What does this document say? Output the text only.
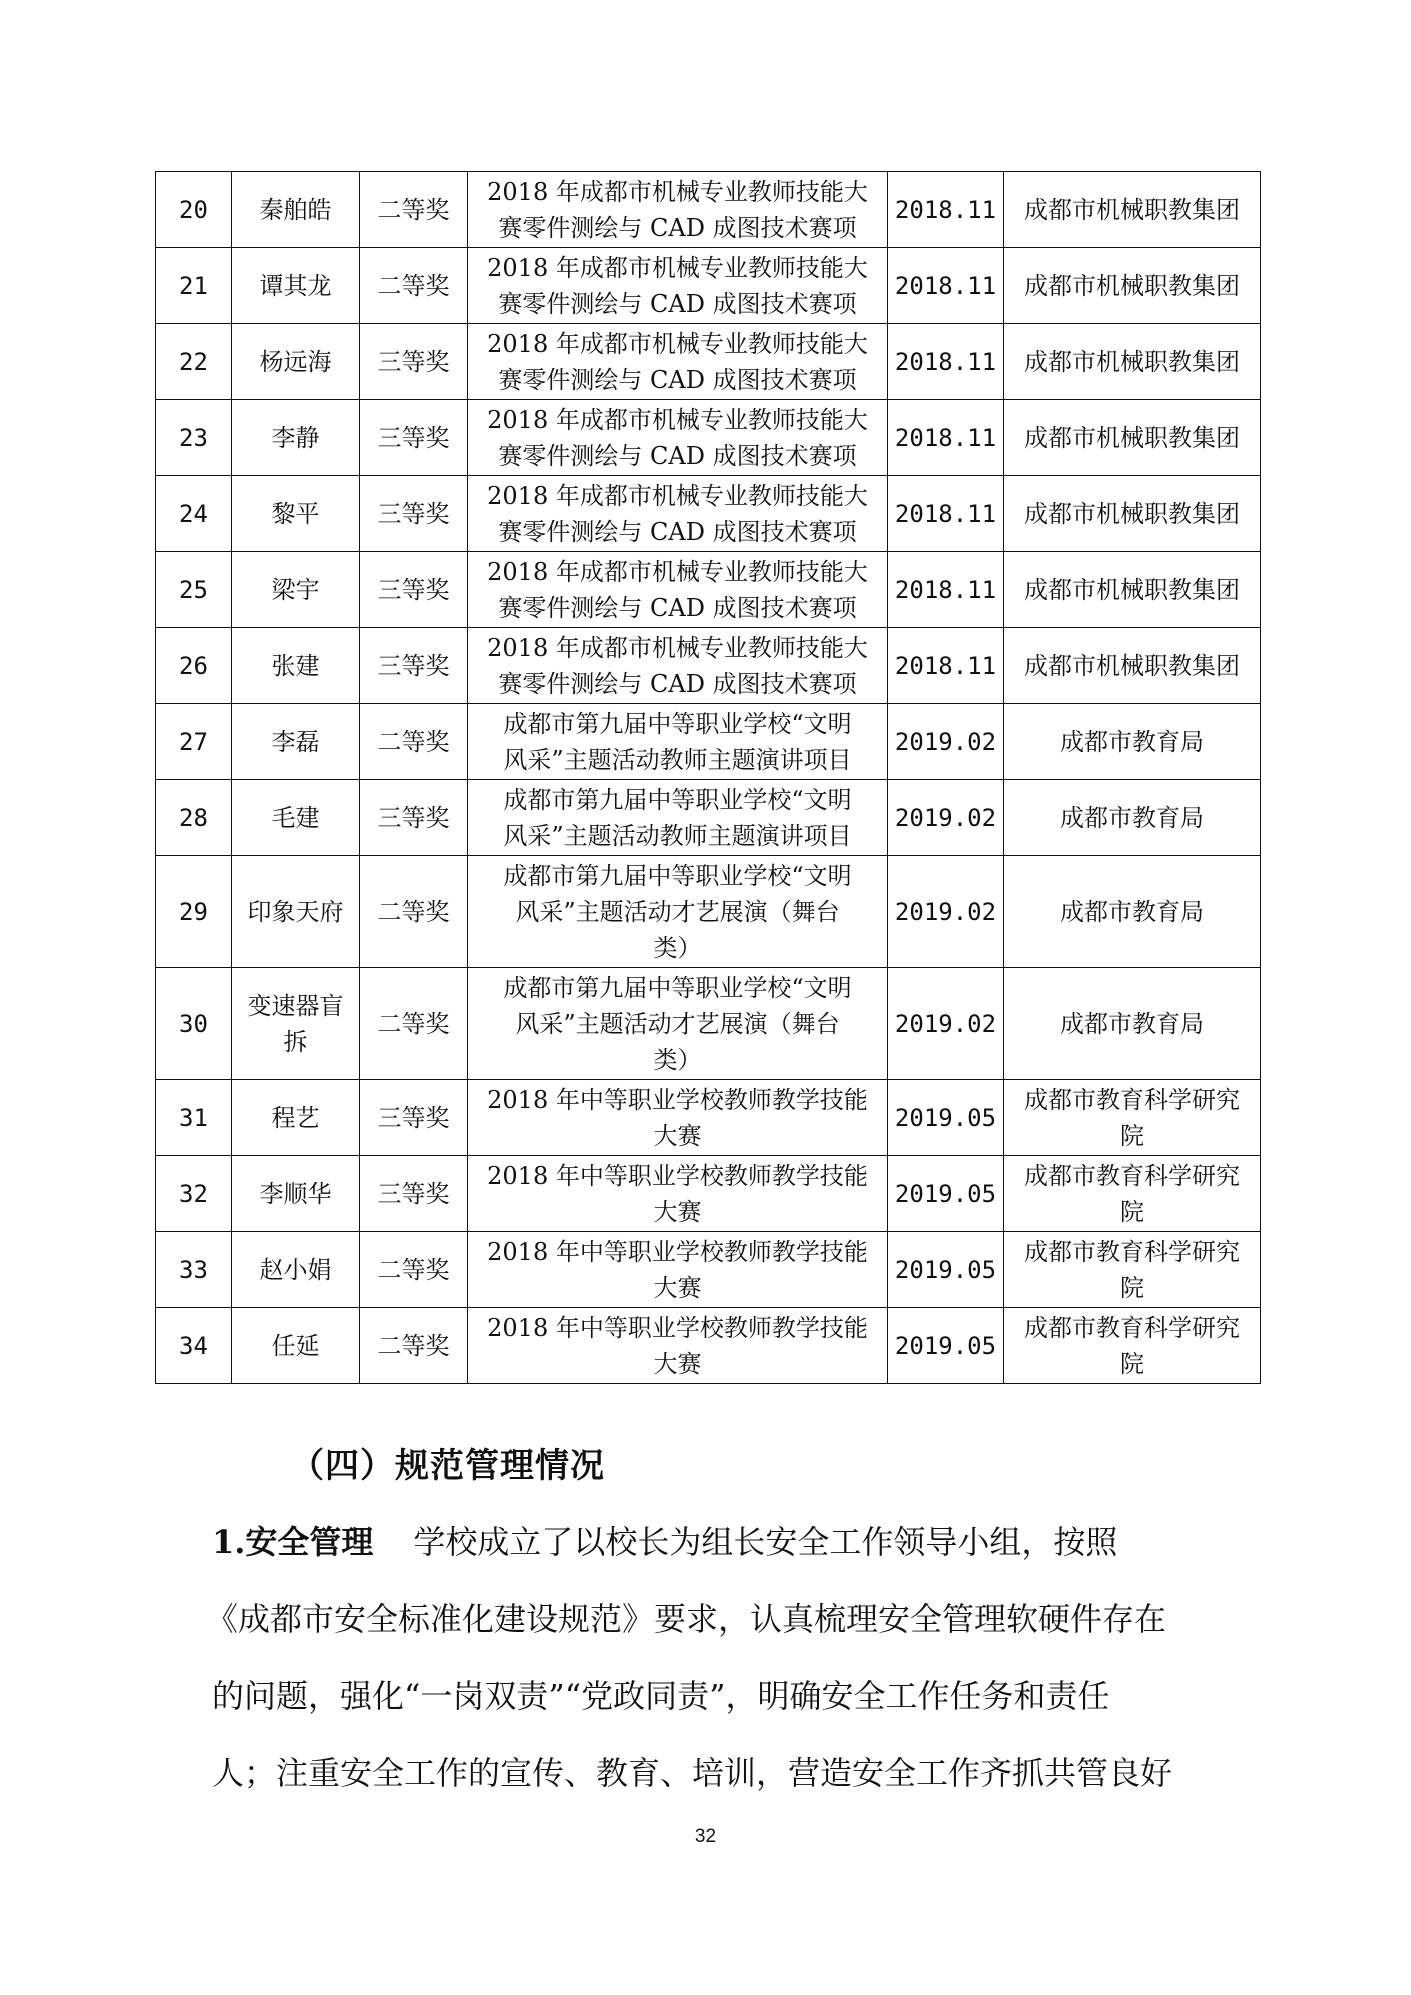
20	秦舶皓	二等奖	2018 年成都市机械专业教师技能大
赛零件测绘与 CAD 成图技术赛项	2018.11	成都市机械职教集团

21	谭其龙	二等奖	2018 年成都市机械专业教师技能大
赛零件测绘与 CAD 成图技术赛项	2018.11	成都市机械职教集团

22	杨远海	三等奖	2018 年成都市机械专业教师技能大
赛零件测绘与 CAD 成图技术赛项	2018.11	成都市机械职教集团

23	李静	三等奖	2018 年成都市机械专业教师技能大
赛零件测绘与 CAD 成图技术赛项	2018.11	成都市机械职教集团

24	黎平	三等奖	2018 年成都市机械专业教师技能大
赛零件测绘与 CAD 成图技术赛项	2018.11	成都市机械职教集团

25	梁宇	三等奖	2018 年成都市机械专业教师技能大
赛零件测绘与 CAD 成图技术赛项	2018.11	成都市机械职教集团

26	张建	三等奖	2018 年成都市机械专业教师技能大
赛零件测绘与 CAD 成图技术赛项	2018.11	成都市机械职教集团

27	李磊	二等奖	成都市第九届中等职业学校“文明
风采”主题活动教师主题演讲项目	2019.02	成都市教育局

28	毛建	三等奖	成都市第九届中等职业学校“文明
风采”主题活动教师主题演讲项目	2019.02	成都市教育局

29	印象天府	二等奖	成都市第九届中等职业学校“文明
风采”主题活动才艺展演（舞台
类）	2019.02	成都市教育局

30	变速器盲拆	二等奖	成都市第九届中等职业学校“文明
风采”主题活动才艺展演（舞台
类）	2019.02	成都市教育局

31	程艺	三等奖	2018 年中等职业学校教师教学技能
大赛	2019.05	成都市教育科学研究
院

32	李顺华	三等奖	2018 年中等职业学校教师教学技能
大赛	2019.05	成都市教育科学研究
院

33	赵小娟	二等奖	2018 年中等职业学校教师教学技能
大赛	2019.05	成都市教育科学研究
院

34	任延	二等奖	2018 年中等职业学校教师教学技能
大赛	2019.05	成都市教育科学研究
院
（四）规范管理情况

1.安全管理 学校成立了以校长为组长安全工作领导小组，按照

《成都市安全标准化建设规范》要求，认真梳理安全管理软硬件存在

的问题，强化“一岗双责”“党政同责”，明确安全工作任务和责任

人；注重安全工作的宣传、教育、培训，营造安全工作齐抓共管良好

32
